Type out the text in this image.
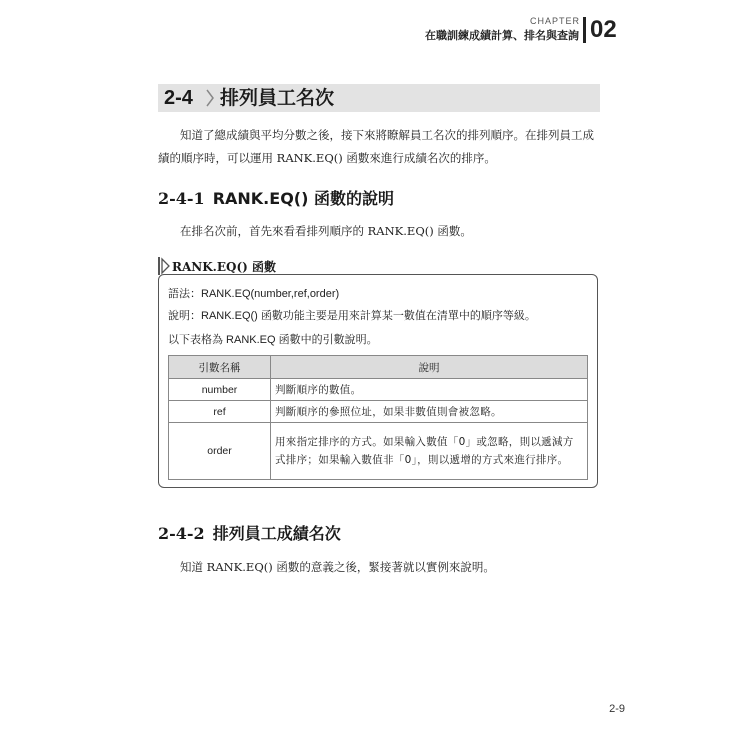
CHAPTER
在職訓練成績計算、排名與查詢 02
2-4	排列員工名次
知道了總成績與平均分數之後，接下來將瞭解員工名次的排列順序。在排列員工成績的順序時，可以運用 RANK.EQ() 函數來進行成績名次的排序。
2-4-1 RANK.EQ() 函數的說明
在排名次前，首先來看看排列順序的 RANK.EQ() 函數。
RANK.EQ() 函數
語法：RANK.EQ(number,ref,order)
說明：RANK.EQ() 函數功能主要是用來計算某一數值在清單中的順序等級。
以下表格為 RANK.EQ 函數中的引數說明。
引數名稱	說明
number	判斷順序的數值。
ref	判斷順序的參照位址，如果非數值則會被忽略。
order	用來指定排序的方式。如果輸入數值「0」或忽略，則以遞減方式排序；如果輸入數值非「0」，則以遞增的方式來進行排序。
2-4-2 排列員工成績名次
知道 RANK.EQ() 函數的意義之後，緊接著就以實例來說明。
2-9
